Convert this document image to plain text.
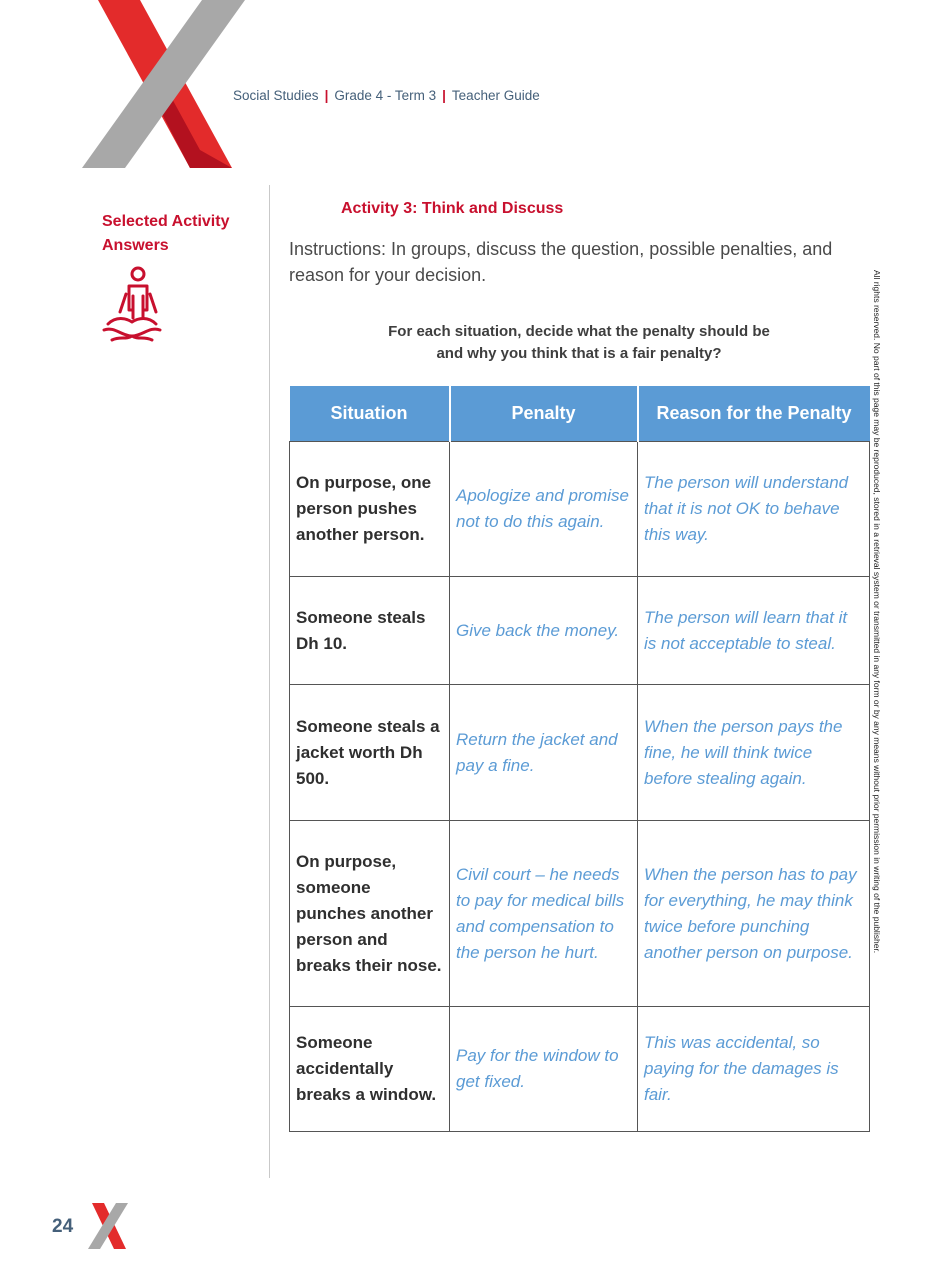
Social Studies | Grade 4 - Term 3 | Teacher Guide
Selected Activity
Answers
Activity 3: Think and Discuss
Instructions: In groups, discuss the question, possible penalties, and reason for your decision.
For each situation, decide what the penalty should be
and why you think that is a fair penalty?
Situation	Penalty	Reason for the Penalty
On purpose, one person pushes another person.	Apologize and promise not to do this again.	The person will understand that it is not OK to behave this way.
Someone steals Dh 10.	Give back the money.	The person will learn that it is not acceptable to steal.
Someone steals a jacket worth Dh 500.	Return the jacket and pay a fine.	When the person pays the fine, he will think twice before stealing again.
On purpose, someone punches another person and breaks their nose.	Civil court – he needs to pay for medical bills and compensation to the person he hurt.	When the person has to pay for everything, he may think twice before punching another person on purpose.
Someone accidentally breaks a window.	Pay for the window to get fixed.	This was accidental, so paying for the damages is fair.
All rights reserved. No part of this page may be reproduced, stored in a retrieval system or transmitted in any form or by any means without prior permission in writing of the publisher.
24
